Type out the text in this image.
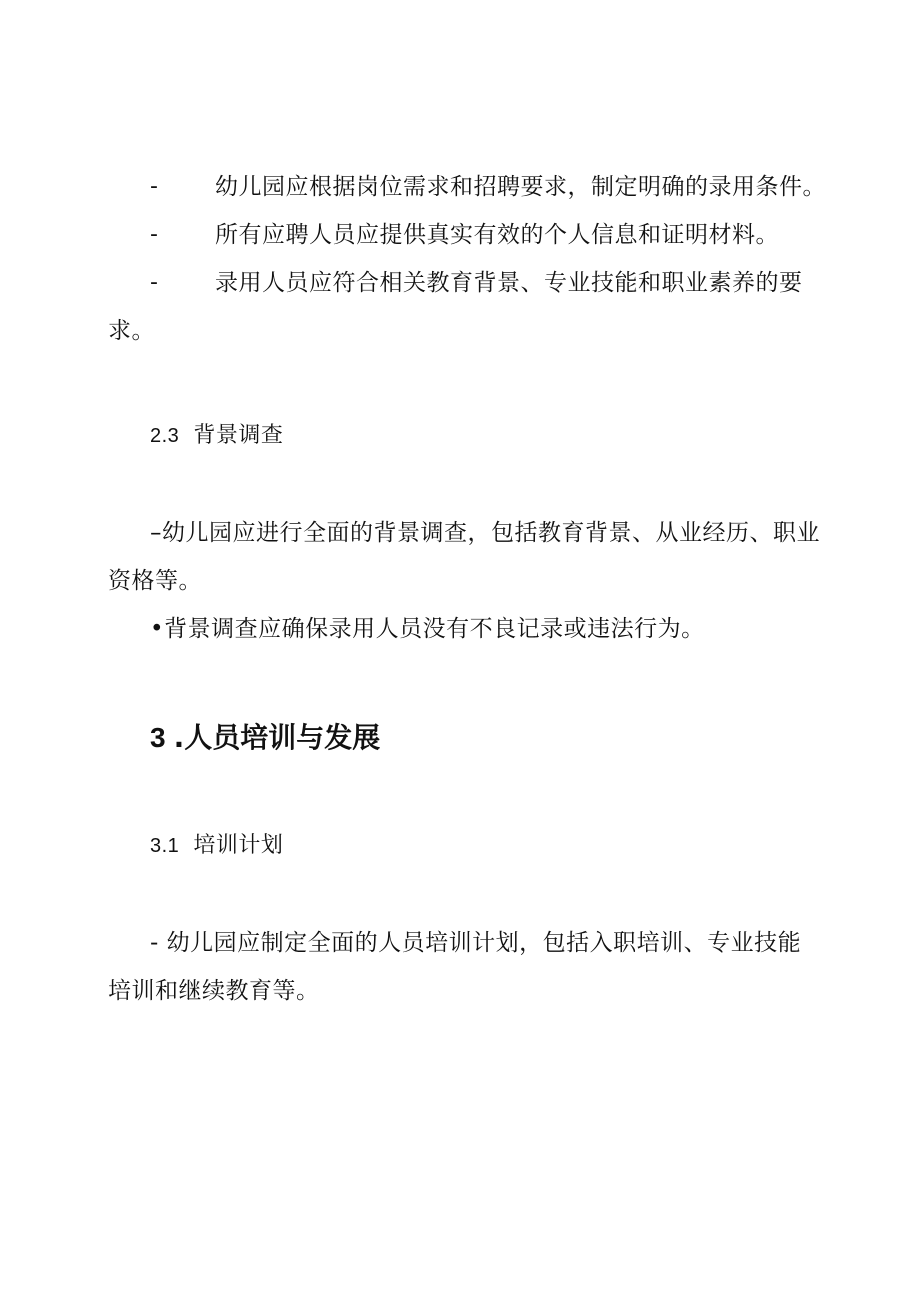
- 幼儿园应根据岗位需求和招聘要求，制定明确的录用条件。
- 所有应聘人员应提供真实有效的个人信息和证明材料。
- 录用人员应符合相关教育背景、专业技能和职业素养的要
求。
2.3 背景调查
–幼儿园应进行全面的背景调查，包括教育背景、从业经历、职业
资格等。
•背景调查应确保录用人员没有不良记录或违法行为。
3 .人员培训与发展
3.1 培训计划
- 幼儿园应制定全面的人员培训计划，包括入职培训、专业技能
培训和继续教育等。
